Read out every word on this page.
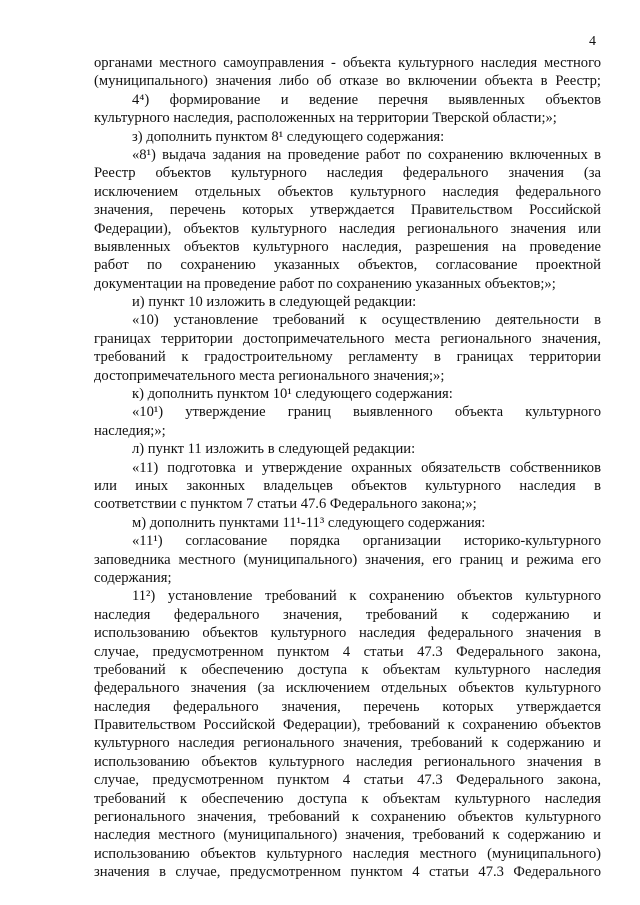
4
органами местного самоуправления - объекта культурного наследия местного
(муниципального) значения либо об отказе во включении объекта в Реестр;
4⁴) формирование и ведение перечня выявленных объектов
культурного наследия, расположенных на территории Тверской области;»;
з) дополнить пунктом 8¹ следующего содержания:
«8¹) выдача задания на проведение работ по сохранению включенных в
Реестр объектов культурного наследия федерального значения (за
исключением отдельных объектов культурного наследия федерального
значения, перечень которых утверждается Правительством Российской
Федерации), объектов культурного наследия регионального значения или
выявленных объектов культурного наследия, разрешения на проведение
работ по сохранению указанных объектов, согласование проектной
документации на проведение работ по сохранению указанных объектов;»;
и) пункт 10 изложить в следующей редакции:
«10) установление требований к осуществлению деятельности в
границах территории достопримечательного места регионального значения,
требований к градостроительному регламенту в границах территории
достопримечательного места регионального значения;»;
к) дополнить пунктом 10¹ следующего содержания:
«10¹) утверждение границ выявленного объекта культурного
наследия;»;
л) пункт 11 изложить в следующей редакции:
«11) подготовка и утверждение охранных обязательств собственников
или иных законных владельцев объектов культурного наследия в
соответствии с пунктом 7 статьи 47.6 Федерального закона;»;
м) дополнить пунктами 11¹-11³ следующего содержания:
«11¹) согласование порядка организации историко-культурного
заповедника местного (муниципального) значения, его границ и режима его
содержания;
11²) установление требований к сохранению объектов культурного
наследия федерального значения, требований к содержанию и
использованию объектов культурного наследия федерального значения в
случае, предусмотренном пунктом 4 статьи 47.3 Федерального закона,
требований к обеспечению доступа к объектам культурного наследия
федерального значения (за исключением отдельных объектов культурного
наследия федерального значения, перечень которых утверждается
Правительством Российской Федерации), требований к сохранению объектов
культурного наследия регионального значения, требований к содержанию и
использованию объектов культурного наследия регионального значения в
случае, предусмотренном пунктом 4 статьи 47.3 Федерального закона,
требований к обеспечению доступа к объектам культурного наследия
регионального значения, требований к сохранению объектов культурного
наследия местного (муниципального) значения, требований к содержанию и
использованию объектов культурного наследия местного (муниципального)
значения в случае, предусмотренном пунктом 4 статьи 47.3 Федерального
